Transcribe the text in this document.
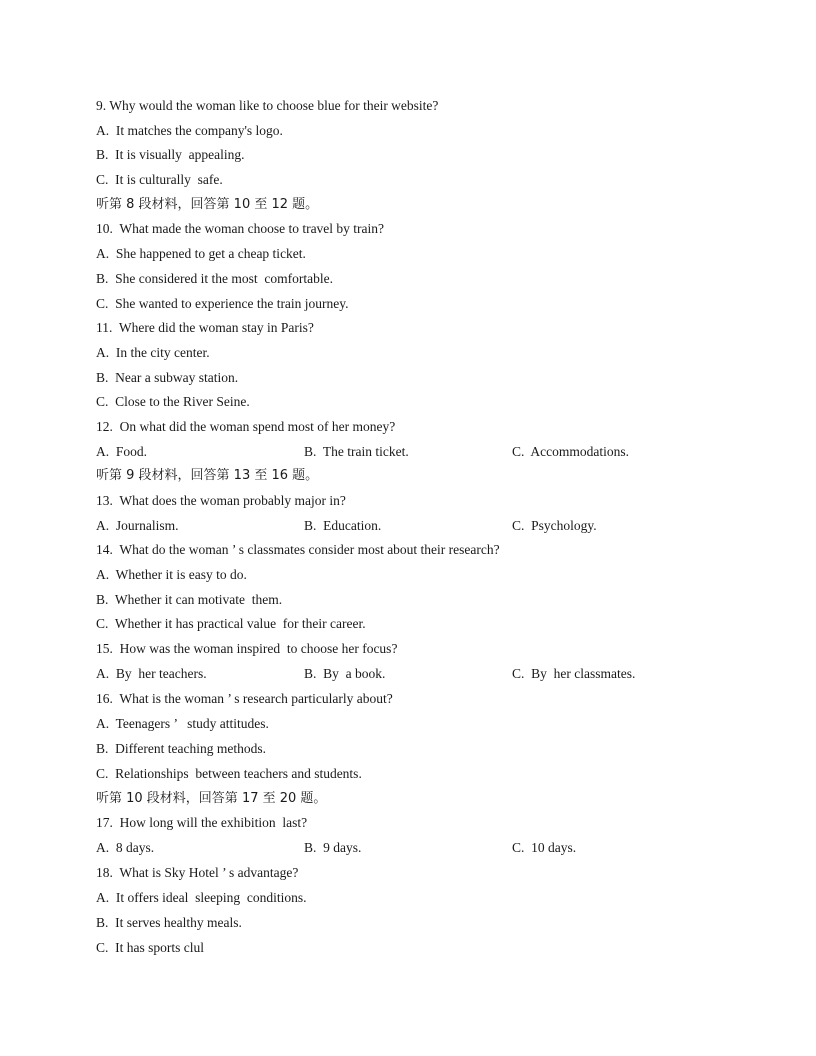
9. Why would the woman like to choose blue for their website?
A.  It matches the company's logo.
B.  It is visually  appealing.
C.  It is culturally  safe.
听第 8 段材料，回答第 10 至 12 题。
10.  What made the woman choose to travel by train?
A.  She happened to get a cheap ticket.
B.  She considered it the most  comfortable.
C.  She wanted to experience the train journey.
11.  Where did the woman stay in Paris?
A.  In the city center.
B.  Near a subway station.
C.  Close to the River Seine.
12.  On what did the woman spend most of her money?
A.  Food.	B.  The train ticket.	C.  Accommodations.
听第 9 段材料，回答第 13 至 16 题。
13.  What does the woman probably major in?
A.  Journalism.	B.  Education.	C.  Psychology.
14.  What do the woman ’ s classmates consider most about their research?
A.  Whether it is easy to do.
B.  Whether it can motivate  them.
C.  Whether it has practical value  for their career.
15.  How was the woman inspired  to choose her focus?
A.  By  her teachers.	B.  By  a book.	C.  By  her classmates.
16.  What is the woman ’ s research particularly about?
A.  Teenagers ’   study attitudes.
B.  Different teaching methods.
C.  Relationships  between teachers and students.
听第 10 段材料，回答第 17 至 20 题。
17.  How long will the exhibition  last?
A.  8 days.	B.  9 days.	C.  10 days.
18.  What is Sky Hotel ’ s advantage?
A.  It offers ideal  sleeping  conditions.
B.  It serves healthy meals.
C.  It has sports clul
